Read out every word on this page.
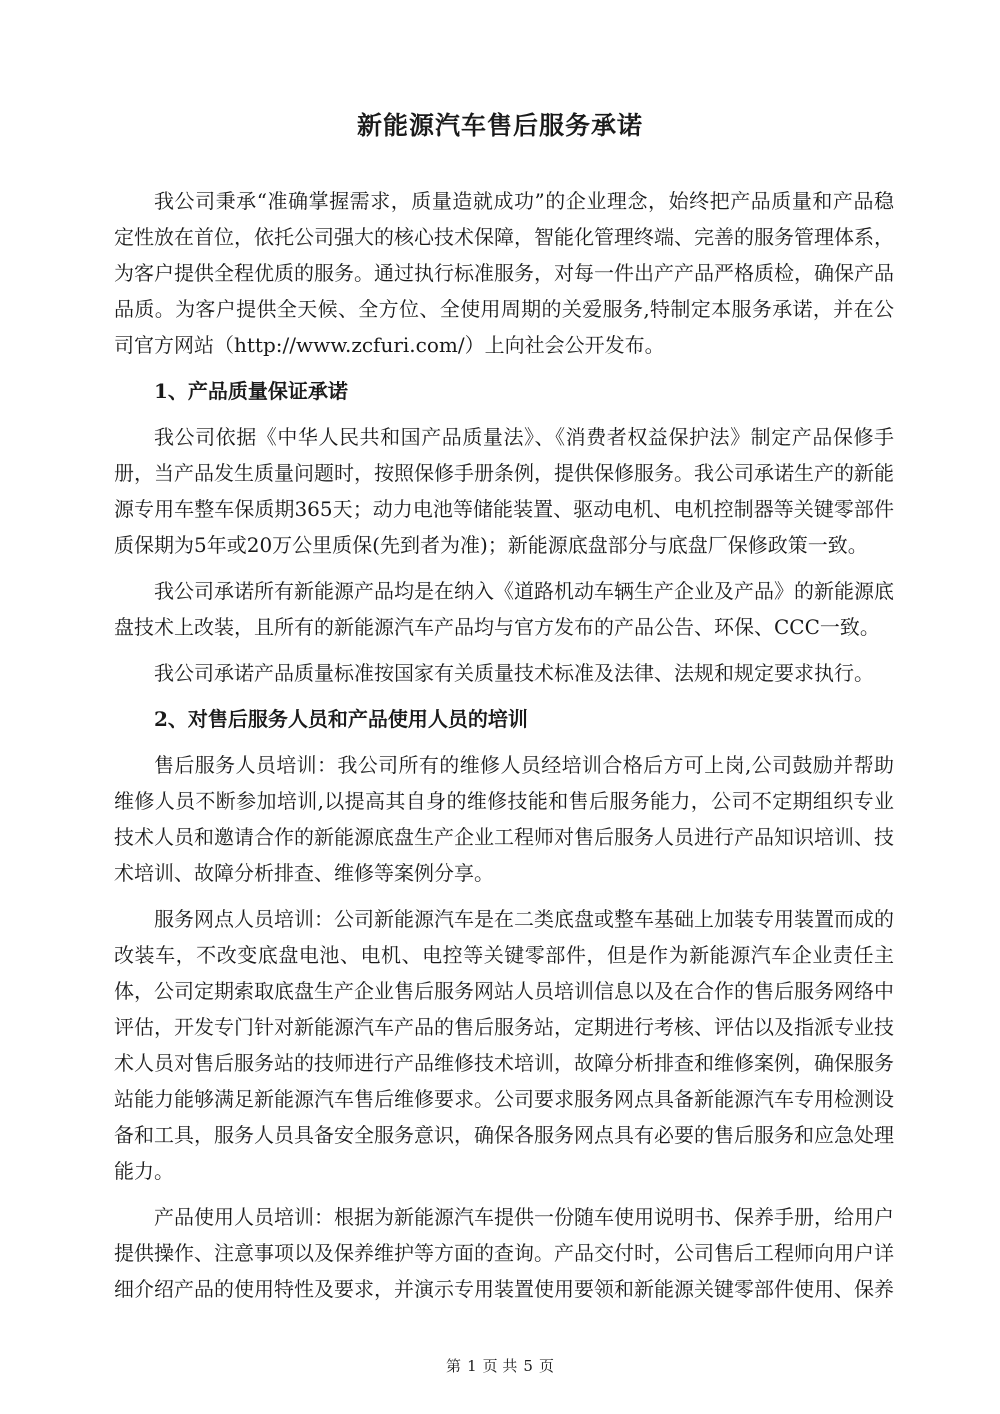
新能源汽车售后服务承诺

我公司秉承“准确掌握需求，质量造就成功”的企业理念，始终把产品质量和产品稳定性放在首位，依托公司强大的核心技术保障，智能化管理终端、完善的服务管理体系，为客户提供全程优质的服务。通过执行标准服务，对每一件出产产品严格质检，确保产品品质。为客户提供全天候、全方位、全使用周期的关爱服务,特制定本服务承诺，并在公司官方网站（http://www.zcfuri.com/）上向社会公开发布。

1、产品质量保证承诺

我公司依据《中华人民共和国产品质量法》、《消费者权益保护法》制定产品保修手册，当产品发生质量问题时，按照保修手册条例，提供保修服务。我公司承诺生产的新能源专用车整车保质期365天；动力电池等储能装置、驱动电机、电机控制器等关键零部件质保期为5年或20万公里质保(先到者为准)；新能源底盘部分与底盘厂保修政策一致。

我公司承诺所有新能源产品均是在纳入《道路机动车辆生产企业及产品》的新能源底盘技术上改装，且所有的新能源汽车产品均与官方发布的产品公告、环保、CCC一致。

我公司承诺产品质量标准按国家有关质量技术标准及法律、法规和规定要求执行。

2、对售后服务人员和产品使用人员的培训

售后服务人员培训：我公司所有的维修人员经培训合格后方可上岗,公司鼓励并帮助维修人员不断参加培训,以提高其自身的维修技能和售后服务能力，公司不定期组织专业技术人员和邀请合作的新能源底盘生产企业工程师对售后服务人员进行产品知识培训、技术培训、故障分析排查、维修等案例分享。

服务网点人员培训：公司新能源汽车是在二类底盘或整车基础上加装专用装置而成的改装车，不改变底盘电池、电机、电控等关键零部件，但是作为新能源汽车企业责任主体，公司定期索取底盘生产企业售后服务网站人员培训信息以及在合作的售后服务网络中评估，开发专门针对新能源汽车产品的售后服务站，定期进行考核、评估以及指派专业技术人员对售后服务站的技师进行产品维修技术培训，故障分析排查和维修案例，确保服务站能力能够满足新能源汽车售后维修要求。公司要求服务网点具备新能源汽车专用检测设备和工具，服务人员具备安全服务意识，确保各服务网点具有必要的售后服务和应急处理能力。

产品使用人员培训：根据为新能源汽车提供一份随车使用说明书、保养手册，给用户提供操作、注意事项以及保养维护等方面的查询。产品交付时，公司售后工程师向用户详细介绍产品的使用特性及要求，并演示专用装置使用要领和新能源关键零部件使用、保养

第 1 页 共 5 页
